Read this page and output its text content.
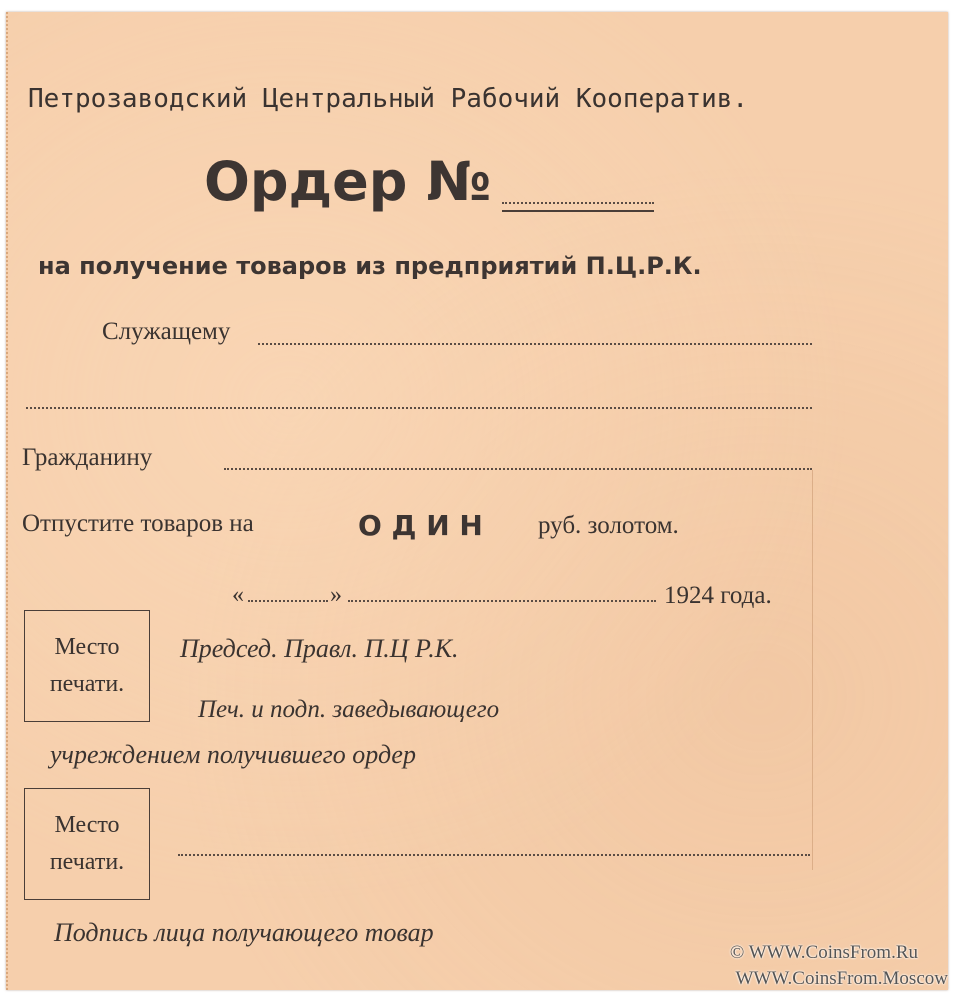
Петрозаводский Центральный Рабочий Кооператив.

Ордер №

на получение товаров из предприятий П.Ц.Р.К.

Служащему

Гражданину

Отпустите товаров на	О Д И Н руб. золотом.

«	»	1924 года.

Место
печати.

Председ. Правл. П.Ц Р.К.

Печ. и подп. заведывающего

учреждением получившего ордер

Место
печати.

Подпись лица получающего товар

© WWW.CoinsFrom.Ru
WWW.CoinsFrom.Moscow
